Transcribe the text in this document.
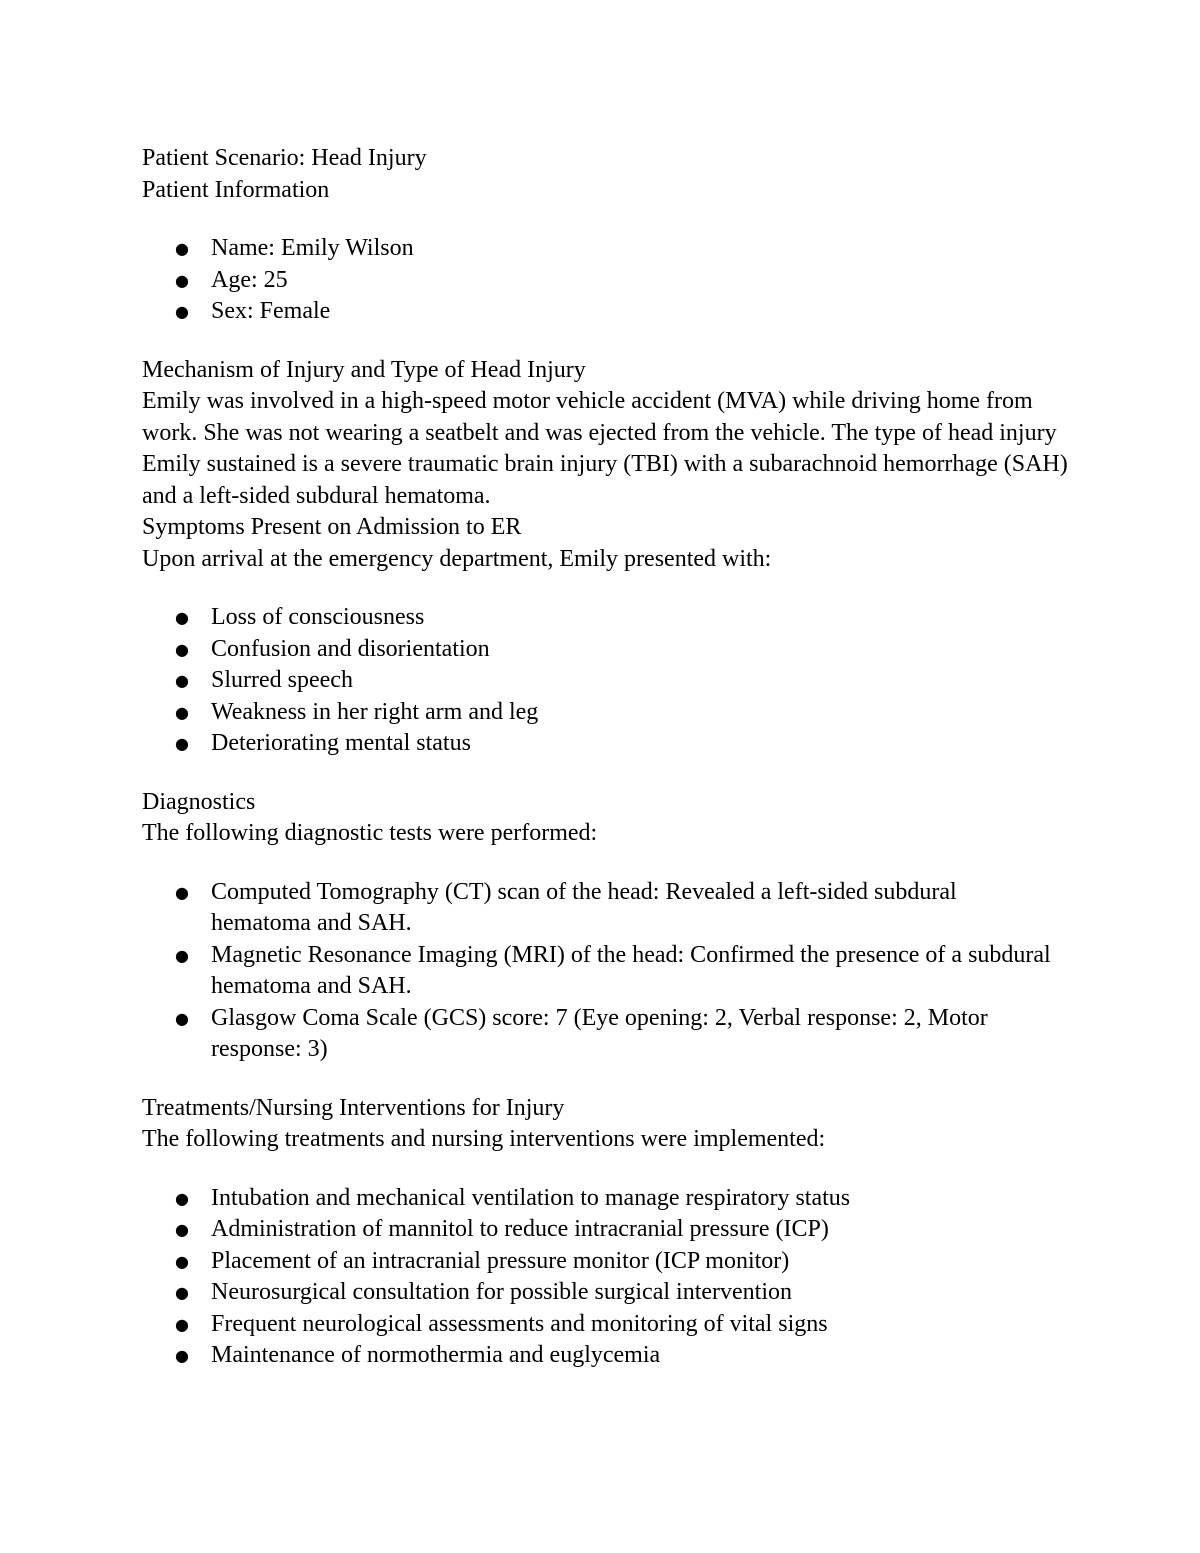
Patient Scenario: Head Injury

Patient Information

● Name: Emily Wilson
● Age: 25
● Sex: Female

Mechanism of Injury and Type of Head Injury

Emily was involved in a high-speed motor vehicle accident (MVA) while driving home from work. She was not wearing a seatbelt and was ejected from the vehicle. The type of head injury Emily sustained is a severe traumatic brain injury (TBI) with a subarachnoid hemorrhage (SAH) and a left-sided subdural hematoma.

Symptoms Present on Admission to ER

Upon arrival at the emergency department, Emily presented with:

● Loss of consciousness
● Confusion and disorientation
● Slurred speech
● Weakness in her right arm and leg
● Deteriorating mental status

Diagnostics

The following diagnostic tests were performed:

● Computed Tomography (CT) scan of the head: Revealed a left-sided subdural hematoma and SAH.
● Magnetic Resonance Imaging (MRI) of the head: Confirmed the presence of a subdural hematoma and SAH.
● Glasgow Coma Scale (GCS) score: 7 (Eye opening: 2, Verbal response: 2, Motor response: 3)

Treatments/Nursing Interventions for Injury

The following treatments and nursing interventions were implemented:

● Intubation and mechanical ventilation to manage respiratory status
● Administration of mannitol to reduce intracranial pressure (ICP)
● Placement of an intracranial pressure monitor (ICP monitor)
● Neurosurgical consultation for possible surgical intervention
● Frequent neurological assessments and monitoring of vital signs
● Maintenance of normothermia and euglycemia
